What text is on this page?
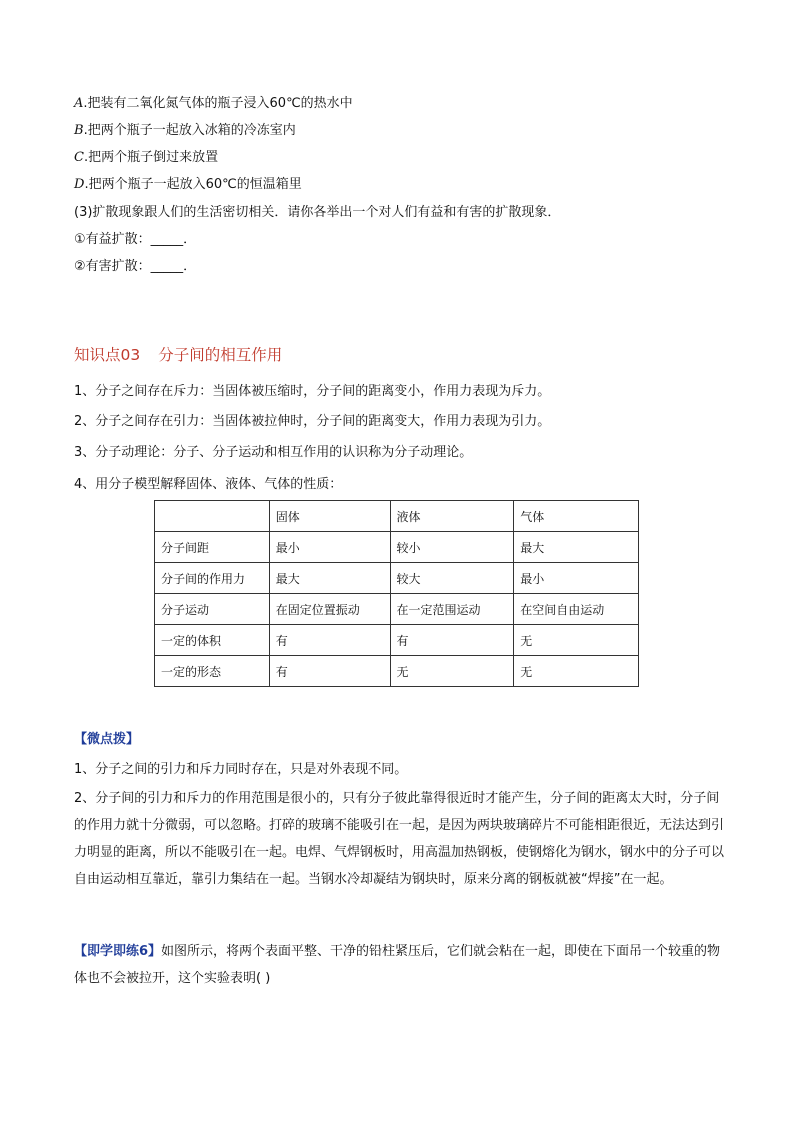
A.把装有二氧化氮气体的瓶子浸入60℃的热水中
B.把两个瓶子一起放入冰箱的冷冻室内
C.把两个瓶子倒过来放置
D.把两个瓶子一起放入60℃的恒温箱里
(3)扩散现象跟人们的生活密切相关．请你各举出一个对人们有益和有害的扩散现象．
①有益扩散：_____．
②有害扩散：_____．
知识点03 分子间的相互作用
1、分子之间存在斥力：当固体被压缩时，分子间的距离变小，作用力表现为斥力。
2、分子之间存在引力：当固体被拉伸时，分子间的距离变大，作用力表现为引力。
3、分子动理论：分子、分子运动和相互作用的认识称为分子动理论。
4、用分子模型解释固体、液体、气体的性质：
	固体	液体	气体
分子间距	最小	较小	最大
分子间的作用力	最大	较大	最小
分子运动	在固定位置振动	在一定范围运动	在空间自由运动
一定的体积	有	有	无
一定的形态	有	无	无
【微点拨】
1、分子之间的引力和斥力同时存在，只是对外表现不同。
2、分子间的引力和斥力的作用范围是很小的，只有分子彼此靠得很近时才能产生，分子间的距离太大时，分子间的作用力就十分微弱，可以忽略。打碎的玻璃不能吸引在一起，是因为两块玻璃碎片不可能相距很近，无法达到引力明显的距离，所以不能吸引在一起。电焊、气焊钢板时，用高温加热钢板，使钢熔化为钢水，钢水中的分子可以自由运动相互靠近，靠引力集结在一起。当钢水冷却凝结为钢块时，原来分离的钢板就被“焊接”在一起。
【即学即练6】如图所示，将两个表面平整、干净的铅柱紧压后，它们就会粘在一起，即使在下面吊一个较重的物体也不会被拉开，这个实验表明( )
